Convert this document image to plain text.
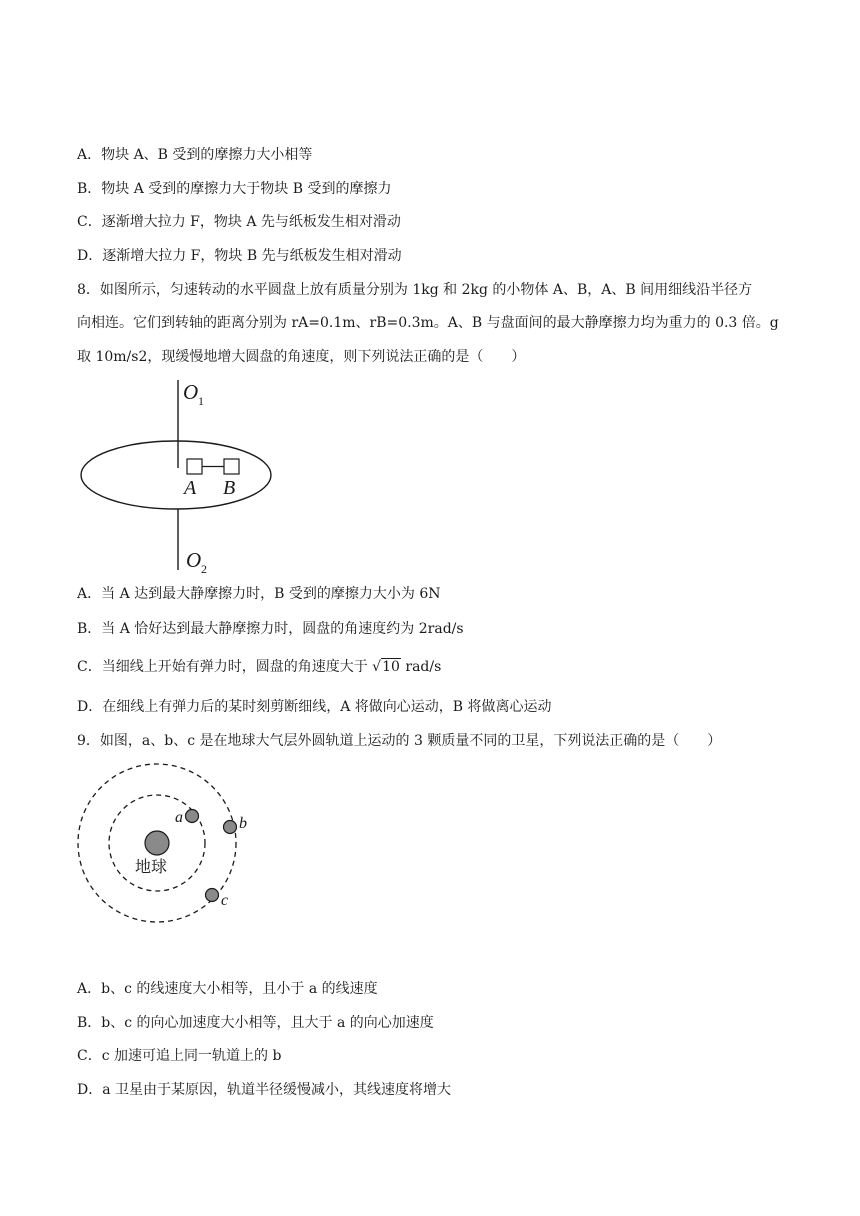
A．物块 A、B 受到的摩擦力大小相等
B．物块 A 受到的摩擦力大于物块 B 受到的摩擦力
C．逐渐增大拉力 F，物块 A 先与纸板发生相对滑动
D．逐渐增大拉力 F，物块 B 先与纸板发生相对滑动
8．如图所示，匀速转动的水平圆盘上放有质量分别为 1kg 和 2kg 的小物体 A、B，A、B 间用细线沿半径方
向相连。它们到转轴的距离分别为 rA=0.1m、rB=0.3m。A、B 与盘面间的最大静摩擦力均为重力的 0.3 倍。g
取 10m/s2，现缓慢地增大圆盘的角速度，则下列说法正确的是（　　）
O 1
A B
O 2
A．当 A 达到最大静摩擦力时，B 受到的摩擦力大小为 6N
B．当 A 恰好达到最大静摩擦力时，圆盘的角速度约为 2rad/s
C．当细线上开始有弹力时，圆盘的角速度大于 √10 rad/s
D．在细线上有弹力后的某时刻剪断细线，A 将做向心运动，B 将做离心运动
9．如图，a、b、c 是在地球大气层外圆轨道上运动的 3 颗质量不同的卫星，下列说法正确的是（　　）
地球
a	b
c
A．b、c 的线速度大小相等，且小于 a 的线速度
B．b、c 的向心加速度大小相等，且大于 a 的向心加速度
C．c 加速可追上同一轨道上的 b
D．a 卫星由于某原因，轨道半径缓慢减小，其线速度将增大
